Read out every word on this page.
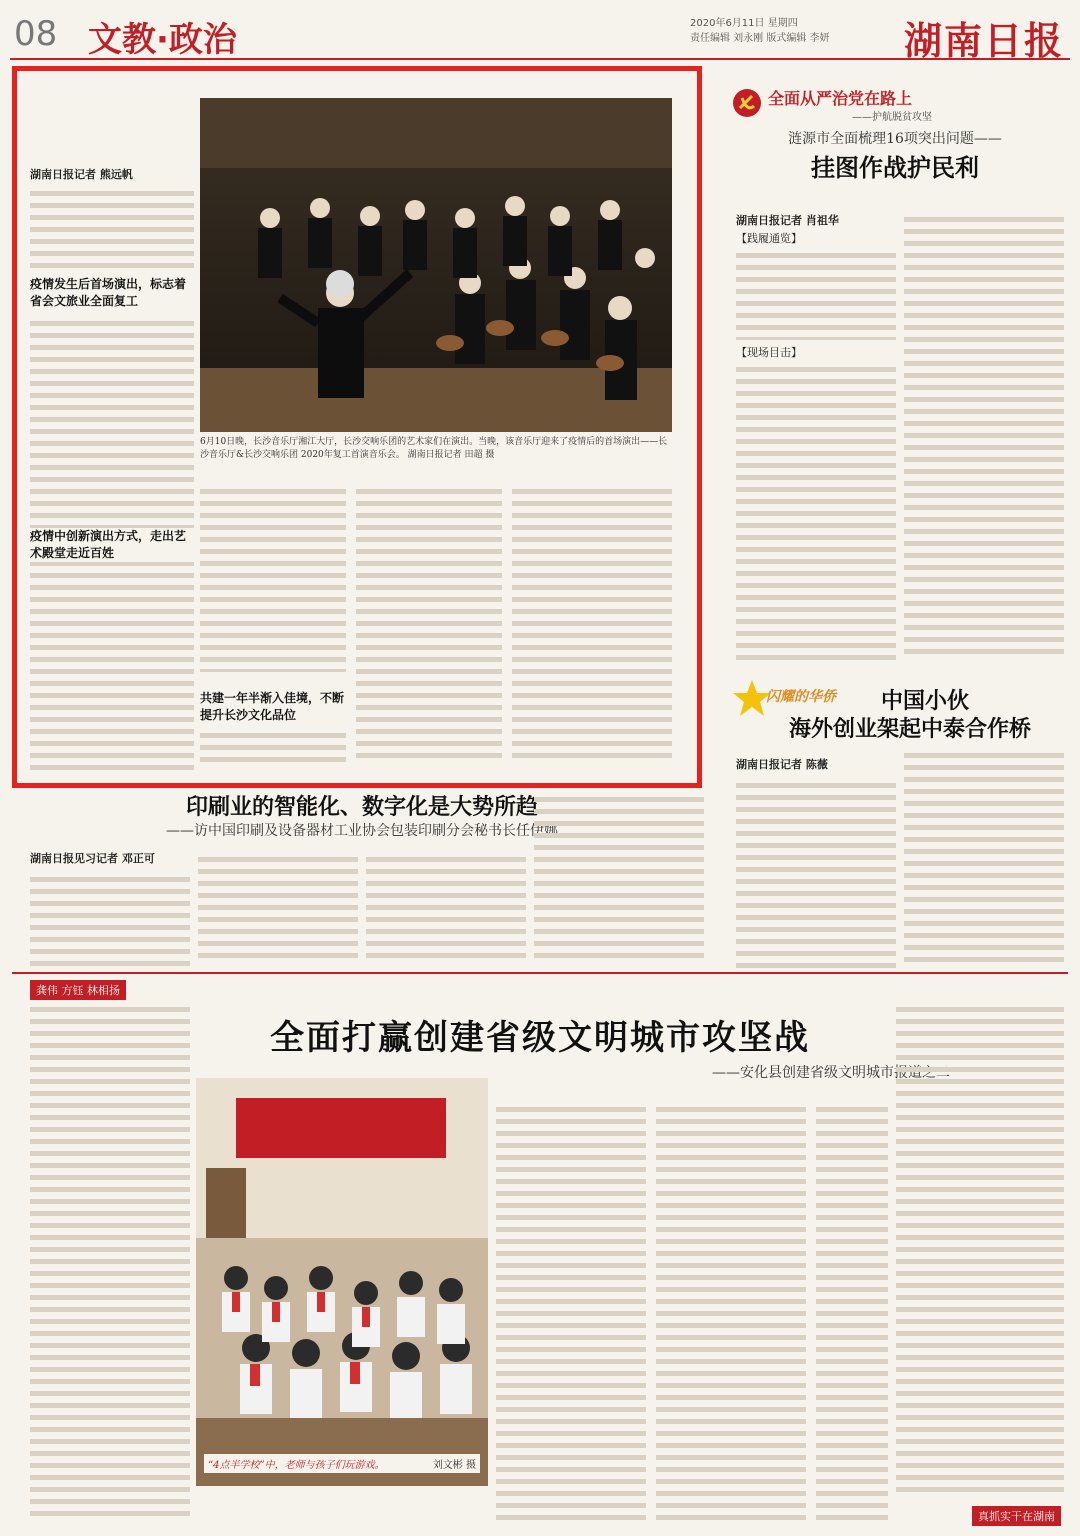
08 文教·政治	2020年6月11日 星期四
责任编辑 刘永刚 版式编辑 李妍 湖南日报
湖南日报记者 熊远帆
疫情发生后首场演出，标志着省会文旅业全面复工
疫情中创新演出方式，走出艺术殿堂走近百姓
6月10日晚，长沙音乐厅湘江大厅，长沙交响乐团的艺术家们在演出。当晚，该音乐厅迎来了疫情后的首场演出——长沙音乐厅&长沙交响乐团 2020年复工首演音乐会。 湖南日报记者 田超 摄
共建一年半渐入佳境，不断提升长沙文化品位
全面从严治党在路上
——护航脱贫攻坚
涟源市全面梳理16项突出问题——
挂图作战护民利
湖南日报记者 肖祖华
【践履通览】
【现场目击】
闪耀的华侨	中国小伙
海外创业架起中泰合作桥
湖南日报记者 陈薇
印刷业的智能化、数字化是大势所趋
——访中国印刷及设备器材工业协会包装印刷分会秘书长任伊娜
湖南日报见习记者 邓正可
龚伟 方钰 林相扬
全面打赢创建省级文明城市攻坚战
——安化县创建省级文明城市报道之二
“4点半学校”中，老师与孩子们玩游戏。	刘文彬 摄
真抓实干在湖南
